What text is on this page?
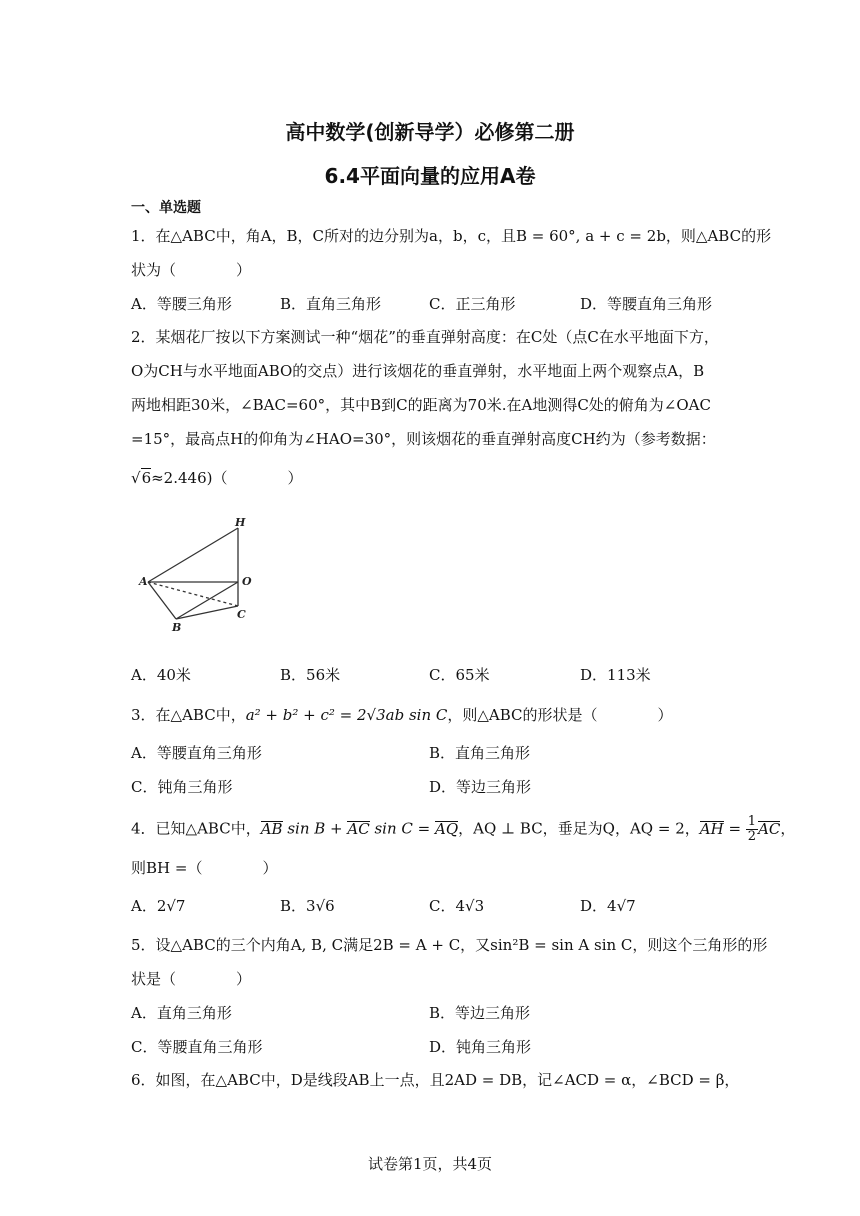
高中数学(创新导学）必修第二册
6.4平面向量的应用A卷
一、单选题
1．在△ABC中，角A，B，C所对的边分别为a，b，c，且B = 60°, a + c = 2b，则△ABC的形
状为（　　　　）
A．等腰三角形	B．直角三角形	C．正三角形	D．等腰直角三角形
2．某烟花厂按以下方案测试一种“烟花”的垂直弹射高度：在C处（点C在水平地面下方，
O为CH与水平地面ABO的交点）进行该烟花的垂直弹射，水平地面上两个观察点A，B
两地相距30米，∠BAC=60°，其中B到C的距离为70米.在A地测得C处的俯角为∠OAC
=15°，最高点H的仰角为∠HAO=30°，则该烟花的垂直弹射高度CH约为（参考数据：
√6≈2.446)（　　　　）
H
A	O
B
C
A．40米	B．56米	C．65米	D．113米
3．在△ABC中，a² + b² + c² = 2√3ab sin C，则△ABC的形状是（　　　　）
A．等腰直角三角形	B．直角三角形
C．钝角三角形	D．等边三角形
4．已知△ABC中，AB sin B + AC sin C = AQ，AQ ⊥ BC，垂足为Q，AQ = 2，AH = $\frac{1}{2}$ AC，
则BH =（　　　　）
A．2√7	B．3√6	C．4√3	D．4√7
5．设△ABC的三个内角A, B, C满足2B = A + C，又sin²B = sin A sin C，则这个三角形的形
状是（　　　　）
A．直角三角形	B．等边三角形
C．等腰直角三角形	D．钝角三角形
6．如图，在△ABC中，D是线段AB上一点，且2AD = DB，记∠ACD = α，∠BCD = β，
试卷第1页，共4页
